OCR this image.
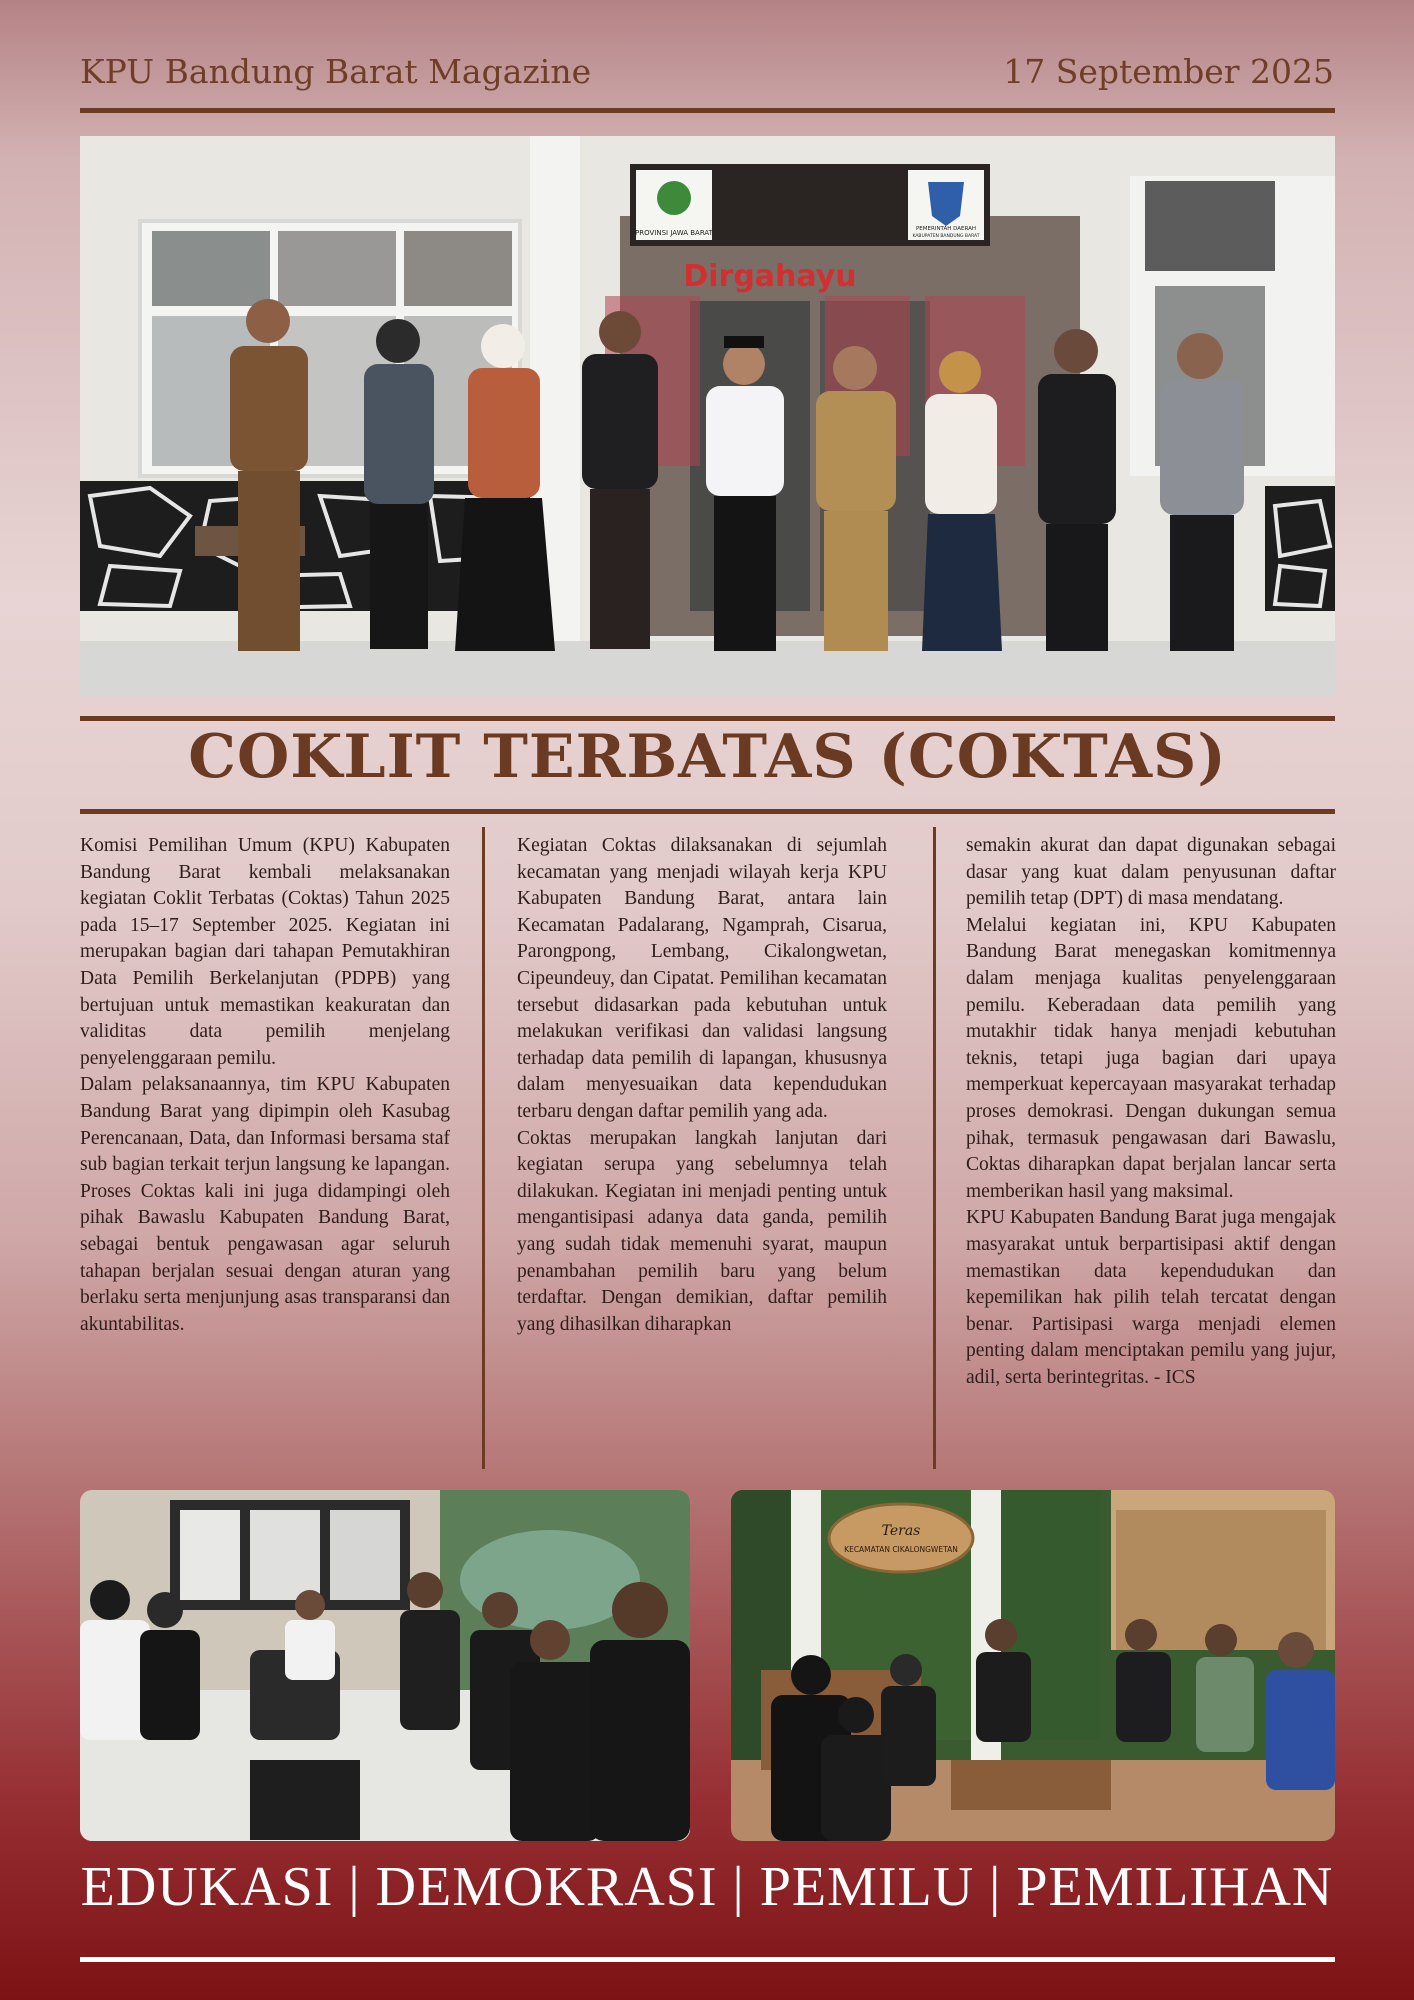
KPU Bandung Barat Magazine	17 September 2025
PROVINSI JAWA BARAT	PEMERINTAH DAERAH
KABUPATEN BANDUNG BARAT
Dirgahayu
COKLIT TERBATAS (COKTAS)

Komisi Pemilihan Umum (KPU) Kabupaten Bandung Barat kembali melaksanakan kegiatan Coklit Terbatas (Coktas) Tahun 2025 pada 15–17 September 2025. Kegiatan ini merupakan bagian dari tahapan Pemutakhiran Data Pemilih Berkelanjutan (PDPB) yang bertujuan untuk memastikan keakuratan dan validitas data pemilih menjelang penyelenggaraan pemilu.

Dalam pelaksanaannya, tim KPU Kabupaten Bandung Barat yang dipimpin oleh Kasubag Perencanaan, Data, dan Informasi bersama staf sub bagian terkait terjun langsung ke lapangan. Proses Coktas kali ini juga didampingi oleh pihak Bawaslu Kabupaten Bandung Barat, sebagai bentuk pengawasan agar seluruh tahapan berjalan sesuai dengan aturan yang berlaku serta menjunjung asas transparansi dan akuntabilitas.

Kegiatan Coktas dilaksanakan di sejumlah kecamatan yang menjadi wilayah kerja KPU Kabupaten Bandung Barat, antara lain Kecamatan Padalarang, Ngamprah, Cisarua, Parongpong, Lembang, Cikalongwetan, Cipeundeuy, dan Cipatat. Pemilihan kecamatan tersebut didasarkan pada kebutuhan untuk melakukan verifikasi dan validasi langsung terhadap data pemilih di lapangan, khususnya dalam menyesuaikan data kependudukan terbaru dengan daftar pemilih yang ada.

Coktas merupakan langkah lanjutan dari kegiatan serupa yang sebelumnya telah dilakukan. Kegiatan ini menjadi penting untuk mengantisipasi adanya data ganda, pemilih yang sudah tidak memenuhi syarat, maupun penambahan pemilih baru yang belum terdaftar. Dengan demikian, daftar pemilih yang dihasilkan diharapkan

semakin akurat dan dapat digunakan sebagai dasar yang kuat dalam penyusunan daftar pemilih tetap (DPT) di masa mendatang.

Melalui kegiatan ini, KPU Kabupaten Bandung Barat menegaskan komitmennya dalam menjaga kualitas penyelenggaraan pemilu. Keberadaan data pemilih yang mutakhir tidak hanya menjadi kebutuhan teknis, tetapi juga bagian dari upaya memperkuat kepercayaan masyarakat terhadap proses demokrasi. Dengan dukungan semua pihak, termasuk pengawasan dari Bawaslu, Coktas diharapkan dapat berjalan lancar serta memberikan hasil yang maksimal.

KPU Kabupaten Bandung Barat juga mengajak masyarakat untuk berpartisipasi aktif dengan memastikan data kependudukan dan kepemilikan hak pilih telah tercatat dengan benar. Partisipasi warga menjadi elemen penting dalam menciptakan pemilu yang jujur, adil, serta berintegritas. - ICS

Teras
KECAMATAN CIKALONGWETAN
EDUKASI | DEMOKRASI | PEMILU | PEMILIHAN
